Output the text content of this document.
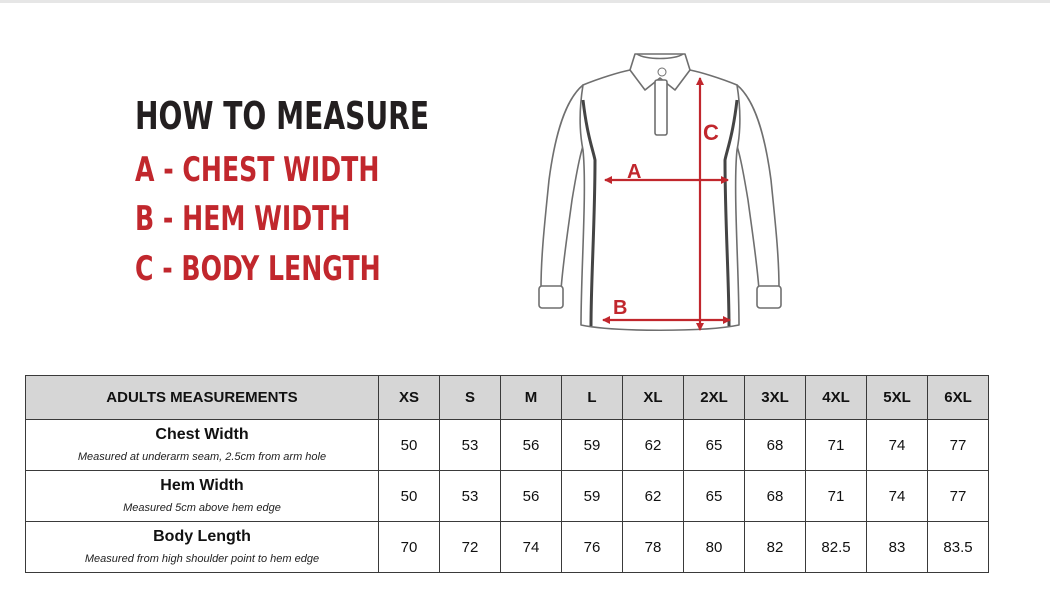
HOW TO MEASURE

A - CHEST WIDTH

B - HEM WIDTH

C - BODY LENGTH

A
B
C
ADULTS MEASUREMENTS	XS	S	M	L	XL	2XL	3XL	4XL	5XL	6XL

Chest Width
Measured at underarm seam, 2.5cm from arm hole	50	53	56	59	62	65	68	71	74	77

Hem Width
Measured 5cm above hem edge	50	53	56	59	62	65	68	71	74	77

Body Length
Measured from high shoulder point to hem edge	70	72	74	76	78	80	82	82.5	83	83.5
